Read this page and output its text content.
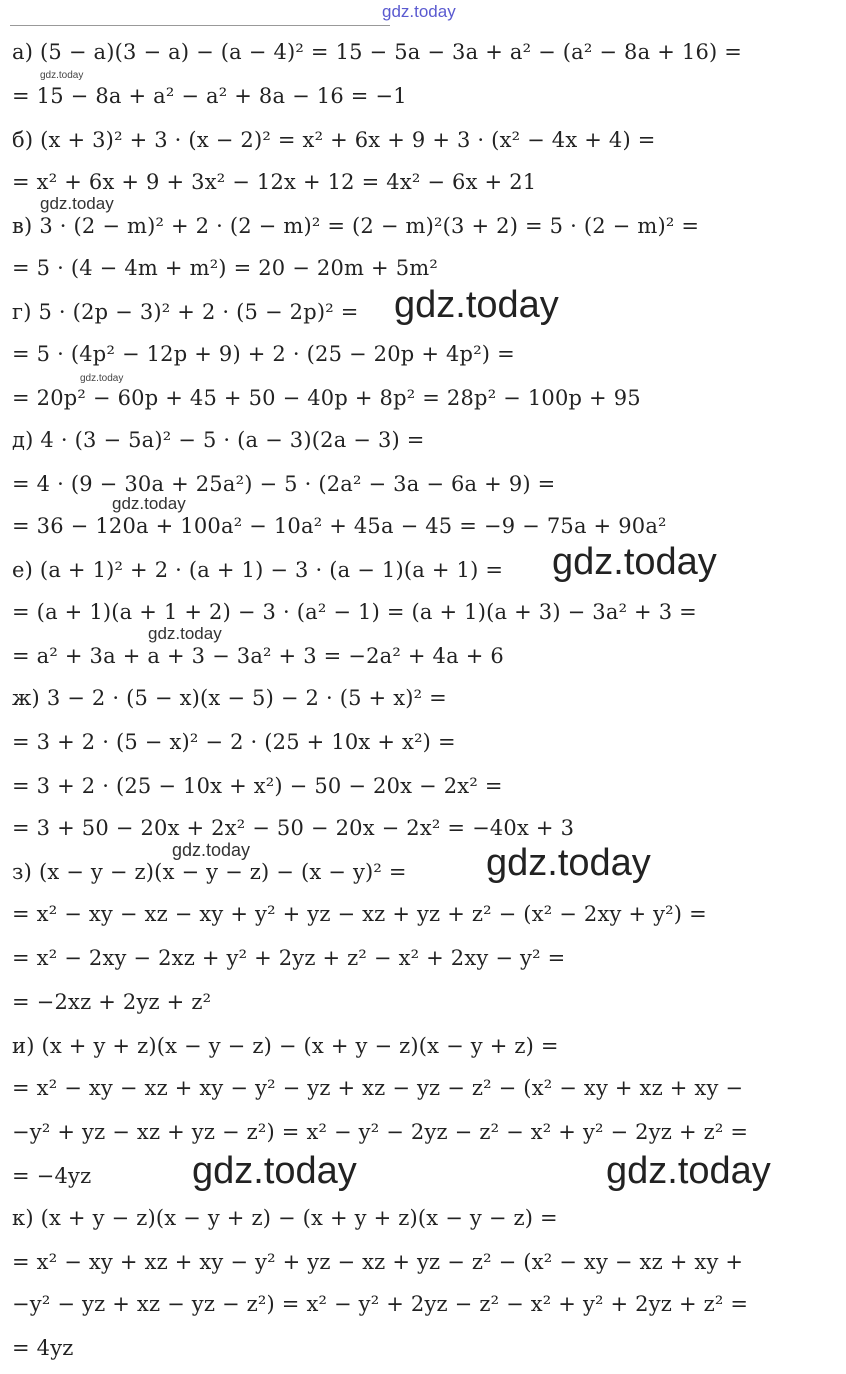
gdz.today
а) (5 − a)(3 − a) − (a − 4)² = 15 − 5a − 3a + a² − (a² − 8a + 16) =
gdz.today
= 15 − 8a + a² − a² + 8a − 16 = −1
б) (x + 3)² + 3 · (x − 2)² = x² + 6x + 9 + 3 · (x² − 4x + 4) =
= x² + 6x + 9 + 3x² − 12x + 12 = 4x² − 6x + 21
gdz.today
в) 3 · (2 − m)² + 2 · (2 − m)² = (2 − m)²(3 + 2) = 5 · (2 − m)² =
= 5 · (4 − 4m + m²) = 20 − 20m + 5m²
г) 5 · (2p − 3)² + 2 · (5 − 2p)² = gdz.today
= 5 · (4p² − 12p + 9) + 2 · (25 − 20p + 4p²) =
gdz.today
= 20p² − 60p + 45 + 50 − 40p + 8p² = 28p² − 100p + 95
д) 4 · (3 − 5a)² − 5 · (a − 3)(2a − 3) =
= 4 · (9 − 30a + 25a²) − 5 · (2a² − 3a − 6a + 9) =
gdz.today
= 36 − 120a + 100a² − 10a² + 45a − 45 = −9 − 75a + 90a²
е) (a + 1)² + 2 · (a + 1) − 3 · (a − 1)(a + 1) = gdz.today
= (a + 1)(a + 1 + 2) − 3 · (a² − 1) = (a + 1)(a + 3) − 3a² + 3 =
gdz.today
= a² + 3a + a + 3 − 3a² + 3 = −2a² + 4a + 6
ж) 3 − 2 · (5 − x)(x − 5) − 2 · (5 + x)² =
= 3 + 2 · (5 − x)² − 2 · (25 + 10x + x²) =
= 3 + 2 · (25 − 10x + x²) − 50 − 20x − 2x² =
= 3 + 50 − 20x + 2x² − 50 − 20x − 2x² = −40x + 3
gdz.today
з) (x − y − z)(x − y − z) − (x − y)² = gdz.today
= x² − xy − xz − xy + y² + yz − xz + yz + z² − (x² − 2xy + y²) =
= x² − 2xy − 2xz + y² + 2yz + z² − x² + 2xy − y² =
= −2xz + 2yz + z²
и) (x + y + z)(x − y − z) − (x + y − z)(x − y + z) =
= x² − xy − xz + xy − y² − yz + xz − yz − z² − (x² − xy + xz + xy −
−y² + yz − xz + yz − z²) = x² − y² − 2yz − z² − x² + y² − 2yz + z² =
= −4yz	gdz.today	gdz.today
к) (x + y − z)(x − y + z) − (x + y + z)(x − y − z) =
= x² − xy + xz + xy − y² + yz − xz + yz − z² − (x² − xy − xz + xy +
−y² − yz + xz − yz − z²) = x² − y² + 2yz − z² − x² + y² + 2yz + z² =
= 4yz
